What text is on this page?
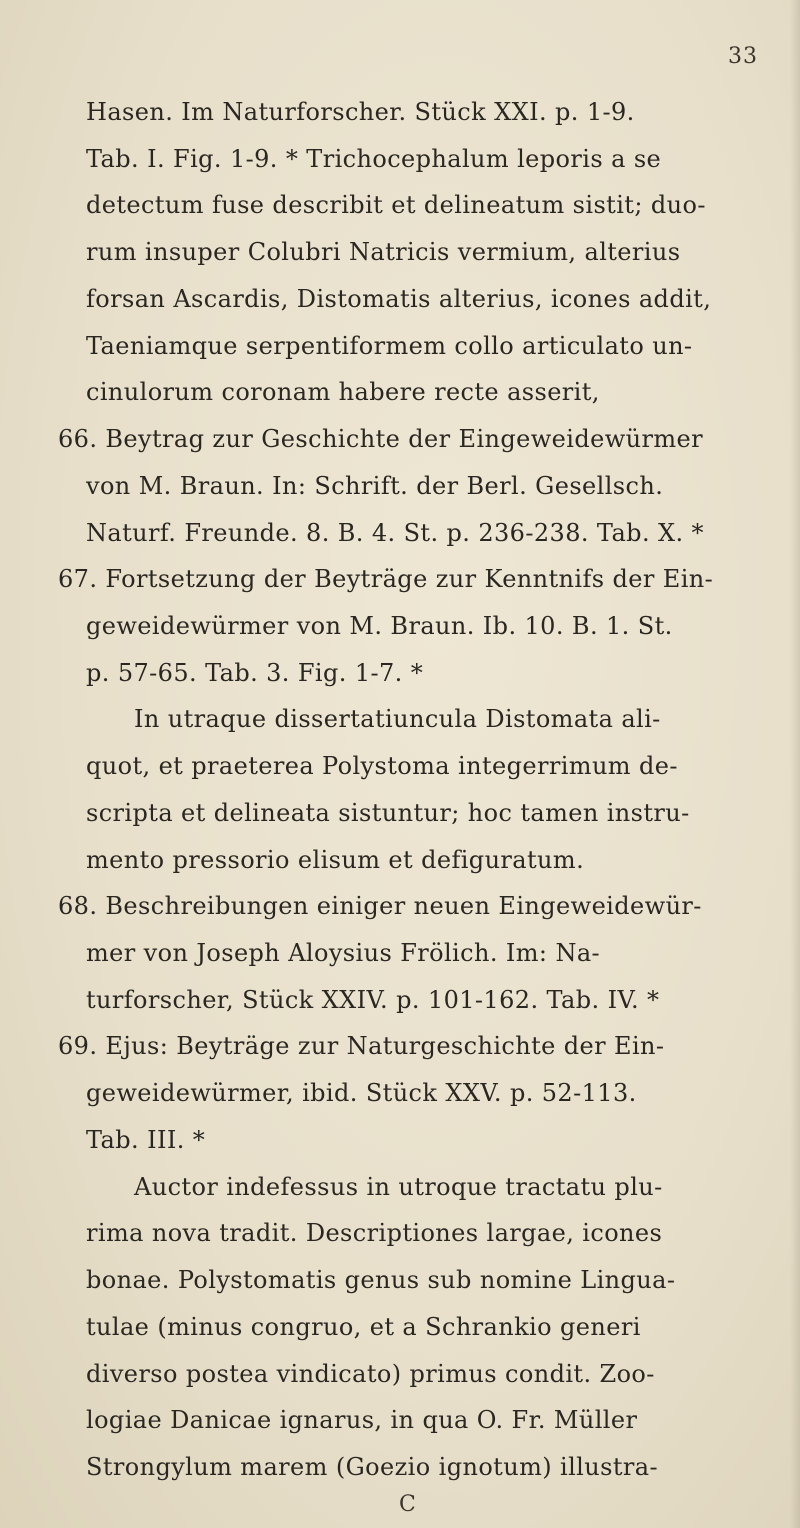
33
Hasen. Im Naturforscher. Stück XXI. p. 1-9.
Tab. I. Fig. 1-9. * Trichocephalum leporis a se
detectum fuse describit et delineatum sistit; duo-
rum insuper Colubri Natricis vermium, alterius
forsan Ascardis, Distomatis alterius, icones addit,
Taeniamque serpentiformem collo articulato un-
cinulorum coronam habere recte asserit,
66. Beytrag zur Geschichte der Eingeweidewürmer
von M. Braun. In: Schrift. der Berl. Gesellsch.
Naturf. Freunde. 8. B. 4. St. p. 236-238. Tab. X. *
67. Fortsetzung der Beyträge zur Kenntnifs der Ein-
geweidewürmer von M. Braun. Ib. 10. B. 1. St.
p. 57-65. Tab. 3. Fig. 1-7. *
In utraque dissertatiuncula Distomata ali-
quot, et praeterea Polystoma integerrimum de-
scripta et delineata sistuntur; hoc tamen instru-
mento pressorio elisum et defiguratum.
68. Beschreibungen einiger neuen Eingeweidewür-
mer von Joseph Aloysius Frölich. Im: Na-
turforscher, Stück XXIV. p. 101-162. Tab. IV. *
69. Ejus: Beyträge zur Naturgeschichte der Ein-
geweidewürmer, ibid. Stück XXV. p. 52-113.
Tab. III. *
Auctor indefessus in utroque tractatu plu-
rima nova tradit. Descriptiones largae, icones
bonae. Polystomatis genus sub nomine Lingua-
tulae (minus congruo, et a Schrankio generi
C
diverso postea vindicato) primus condit. Zoo-
logiae Danicae ignarus, in qua O. Fr. Müller
Strongylum marem (Goezio ignotum) illustra-
